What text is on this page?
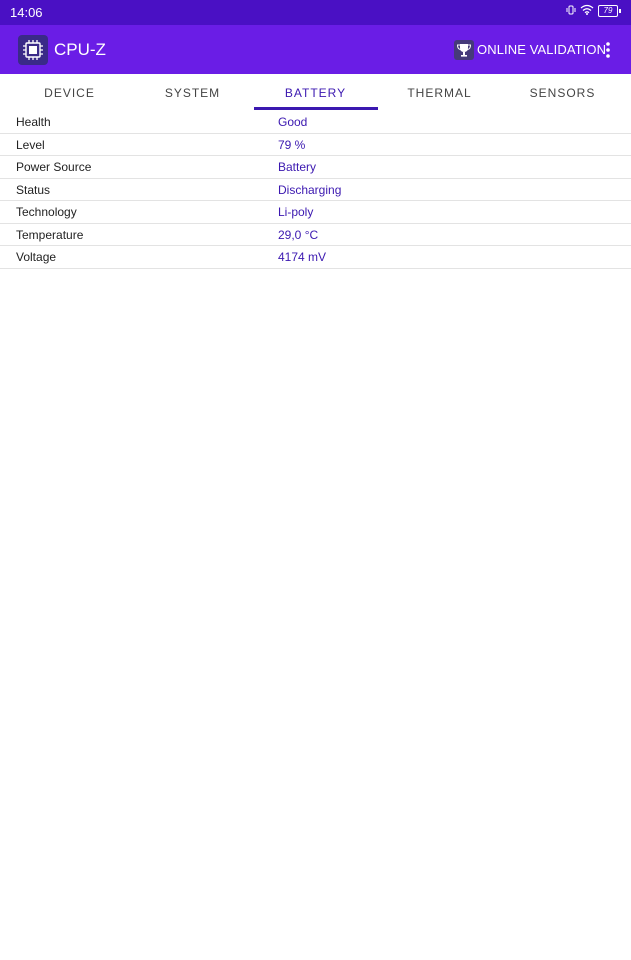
14:06	79
CPU-Z	ONLINE VALIDATION
DEVICE	SYSTEM	BATTERY	THERMAL	SENSORS
Health	Good
Level	79 %
Power Source	Battery
Status	Discharging
Technology	Li-poly
Temperature	29,0 °C
Voltage	4174 mV
